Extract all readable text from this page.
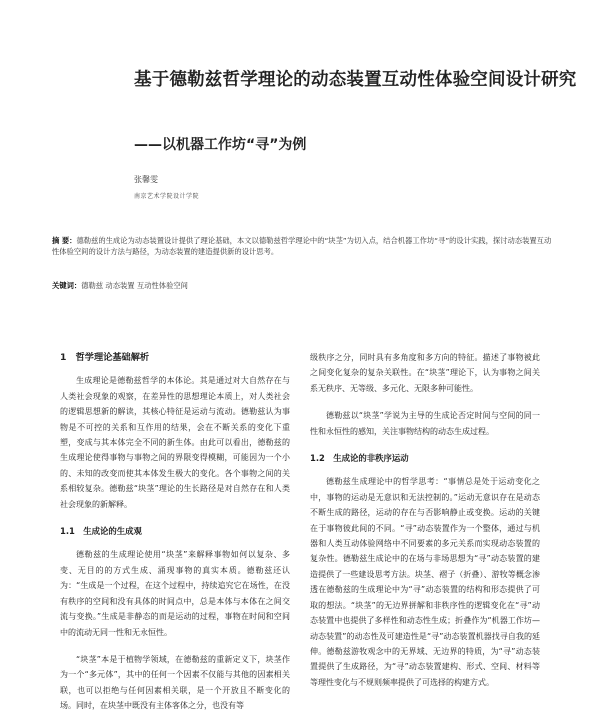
基于德勒兹哲学理论的动态装置互动性体验空间设计研究
——以机器工作坊“寻”为例
张馨雯
南京艺术学院设计学院
摘 要：德勒兹的生成论为动态装置设计提供了理论基础，本文以德勒兹哲学理论中的“块茎”为切入点，结合机器工作坊“寻”的设计实践，探讨动态装置互动性体验空间的设计方法与路径，为动态装置的建造提供新的设计思考。
关键词：德勒兹 动态装置 互动性体验空间
1　哲学理论基础解析

生成理论是德勒兹哲学的本体论。其是通过对大自然存在与人类社会现象的观察，在差异性的思想理论本质上，对人类社会的逻辑思想新的解读，其核心特征是运动与流动。德勒兹认为事物是不可控的关系和互作用的结果，会在不断关系的变化下重塑，变成与其本体完全不同的新生体。由此可以看出，德勒兹的生成理论使得事物与事物之间的界限变得模糊，可能因为一个小的、未知的改变而使其本体发生极大的变化。各个事物之间的关系相较复杂。德勒兹“块茎”理论的生长路径是对自然存在和人类社会现象的新解释。

1.1　生成论的生成观

德勒兹的生成理论使用“块茎”来解释事物如何以复杂、多变、无目的的方式生成、涌现事物的真实本质。德勒兹还认为：“生成是一个过程，在这个过程中，持续追究它在场性，在没有秩序的空间和没有具体的时间点中，总是本体与本体在之间交流与变换。”生成是非静态的而是运动的过程，事物在时间和空间中的流动无同一性和无永恒性。

“块茎”本是于植物学领域，在德勒兹的重新定义下，块茎作为一个“多元体”，其中的任何一个因素不仅能与其他的因素相关联，也可以拒绝与任何因素相关联，是一个开放且不断变化的场。同时，在块茎中既没有主体客体之分，也没有等

级秩序之分，同时具有多角度和多方向的特征。描述了事物被此之间变化复杂的复杂关联性。在“块茎”理论下，认为事物之间关系无秩序、无等级、多元化、无限多种可能性。

德勒兹以“块茎”学说为主导的生成论否定时间与空间的同一性和永恒性的感知，关注事物结构的动态生成过程。

1.2　生成论的非秩序运动

德勒兹生成理论中的哲学思考：“事情总是处于运动变化之中，事物的运动是无意识和无法控制的。”运动无意识存在是动态不断生成的路径，运动的存在与否影响静止或变换。运动的关键在于事物彼此间的不同。“寻”动态装置作为一个整体，通过与机器和人类互动体验网络中不同要素的多元关系而实现动态装置的复杂性。德勒兹生成论中的在场与非场思想为“寻”动态装置的建造提供了一些建设思考方法。块茎、褶子（折叠）、游牧等概念渗透在德勒兹的生成理论中为“寻”动态装置的结构和形态提供了可取的想法。“块茎”的无边界拼解和非秩序性的逻辑变化在“寻”动态装置中也提供了多样性和动态性生成；折叠作为“机器工作坊—动态装置”的动态性及可建造性是“寻”动态装置机器找寻自我的延伸。德勒兹游牧观念中的无界域、无边界的特质，为“寻”动态装置提供了生成路径，为“寻”动态装置建构、形式、空间、材料等等理性变化与不规则频率提供了可选择的构建方式。
